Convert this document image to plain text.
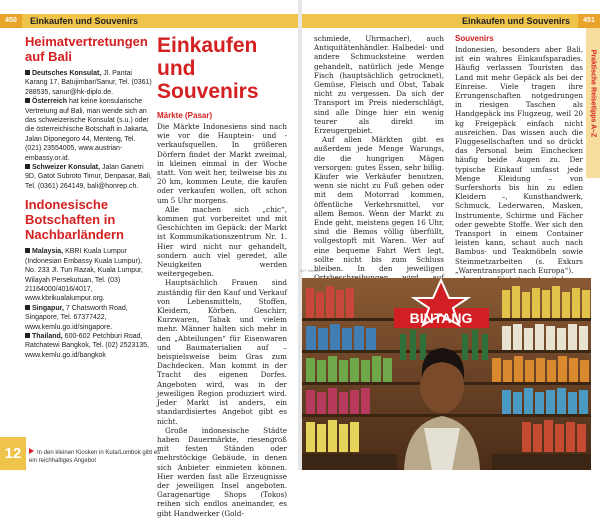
450	Einkaufen und Souvenirs	Einkaufen und Souvenirs	451
Heimatvertretungen auf Bali

Deutsches Konsulat, Jl. Pantai Karang 17, Batujimbar/Sanur, Tel. (0361) 288535, sanur@hk-diplo.de.

Österreich hat keine konsularische Vertretung auf Bali, man wende sich an das schweizerische Konsulat (s.u.) oder die österreichische Botschaft in Jakarta, Jalan Diponegoro 44, Menteng, Tel. (021) 23554005, www.austrian-embassy.or.id.

Schweizer Konsulat, Jalan Ganetri 9D, Gatot Subroto Timur, Denpasar, Bali, Tel. (0361) 264149, bali@honrep.ch.

Indonesische Botschaften in Nachbarländern

Malaysia, KBRI Kuala Lumpur (Indonesian Embassy Kuala Lumpur), No. 233 Jl. Tun Razak, Kuala Lumpur, Wilayah Persekutuan, Tel. (03) 21164000/4016/4017, www.kbrikualalumpur.org.

Singapur, 7 Chatsworth Road, Singapore, Tel. 67377422, www.kemlu.go.id/singapore.

Thailand, 600-602 Petchburi Road, Ratchatewi Bangkok, Tel. (02) 2523135, www.kemlu.go.id/bangkok

Einkaufen und Souvenirs
Märkte (Pasar)

Die Märkte Indonesiens sind nach wie vor die Hauptein- und -verkaufsquellen. In größeren Dörfern findet der Markt zweimal, in kleinen einmal in der Woche statt. Von weit her, teilweise bis zu 20 km, kommen Leute, die kaufen oder verkaufen wollen, oft schon um 5 Uhr morgens.

Alle machen sich „chic“, kommen gut vorbereitet und mit Geschichten im Gepäck: der Markt ist Kommunikationszentrum Nr. 1. Hier wird nicht nur gehandelt, sondern auch viel geredet, alle Neuigkeiten werden weitergegeben.

Hauptsächlich Frauen sind zuständig für den Kauf und Verkauf von Lebensmitteln, Stoffen, Kleidern, Körben, Geschirr, Kurzwaren, Tabak und vielem mehr. Männer halten sich mehr in den „Abteilungen“ für Eisenwaren und Baumaterialien auf – beispielsweise beim Gras zum Dachdecken. Man kommt in der Tracht des eigenen Dorfes. Angeboten wird, was in der jeweiligen Region produziert wird. Jeder Markt ist anders, ein standardisiertes Angebot gibt es nicht.

Große indonesische Städte haben Dauermärkte, riesengroß mit festen Ständen oder mehrstöckige Gebäude, in denen sich Anbieter einmieten können. Hier werden fast alle Erzeugnisse der jeweiligen Insel angeboten. Garagenartige Shops (Tokos) reihen sich endlos aneinander, es gibt Handwerker (Gold-

schmiede, Uhrmacher), auch Antiquitätenhändler. Halbedel- und andere Schmucksteine werden gehandelt, natürlich jede Menge Fisch (hauptsächlich getrocknet), Gemüse, Fleisch und Obst, Tabak nicht zu vergessen. Da sich der Transport im Preis niederschlägt, sind alle Dinge hier ein wenig teurer als direkt im Erzeugergebiet.

Auf allen Märkten gibt es außerdem jede Menge Warungs, die die hungrigen Mägen versorgen: gutes Essen, sehr billig. Käufer wie Verkäufer benutzen, wenn sie nicht zu Fuß gehen oder mit dem Motorrad kommen, öffentliche Verkehrsmittel, vor allem Bemos. Wenn der Markt zu Ende geht, meistens gegen 16 Uhr, sind die Bemos völlig überfüllt, vollgestopft mit Waren. Wer auf eine bequeme Fahrt Wert legt, sollte nicht bis zum Schluss bleiben. In den jeweiligen

Souvenirs

Indonesien, besonders aber Bali, ist ein wahres Einkaufsparadies. Häufig verlassen Touristen das Land mit mehr Gepäck als bei der Einreise. Viele tragen ihre Errungenschaften notgedrungen in riesigen Taschen als Handgepäck ins Flugzeug, weil 20 kg Freigepäck einfach nicht ausreichen. Das wissen auch die Fluggesellschaften und so drückt das Personal beim Einchecken häufig beide Augen zu. Der typische Einkauf umfasst jede Menge Kleidung – von Surfershorts bis hin zu edlen Kleidern –, Kunsthandwerk, Schmuck, Lederwaren, Masken, Instrumente, Schirme und Fächer oder gewebte Stoffe. Wer sich den Transport in einem Container leisten kann, schaut auch nach Bambus- und Teakmöbeln sowie Steinmetzarbeiten (s. Exkurs „Warentransport nach Europa“).

Praktische Reisetipps A–Z
427 foto-ib
BINTANG
12	In den kleinen Kiosken in Kuta/Lombok gibt es ein reichhaltiges Angebot
